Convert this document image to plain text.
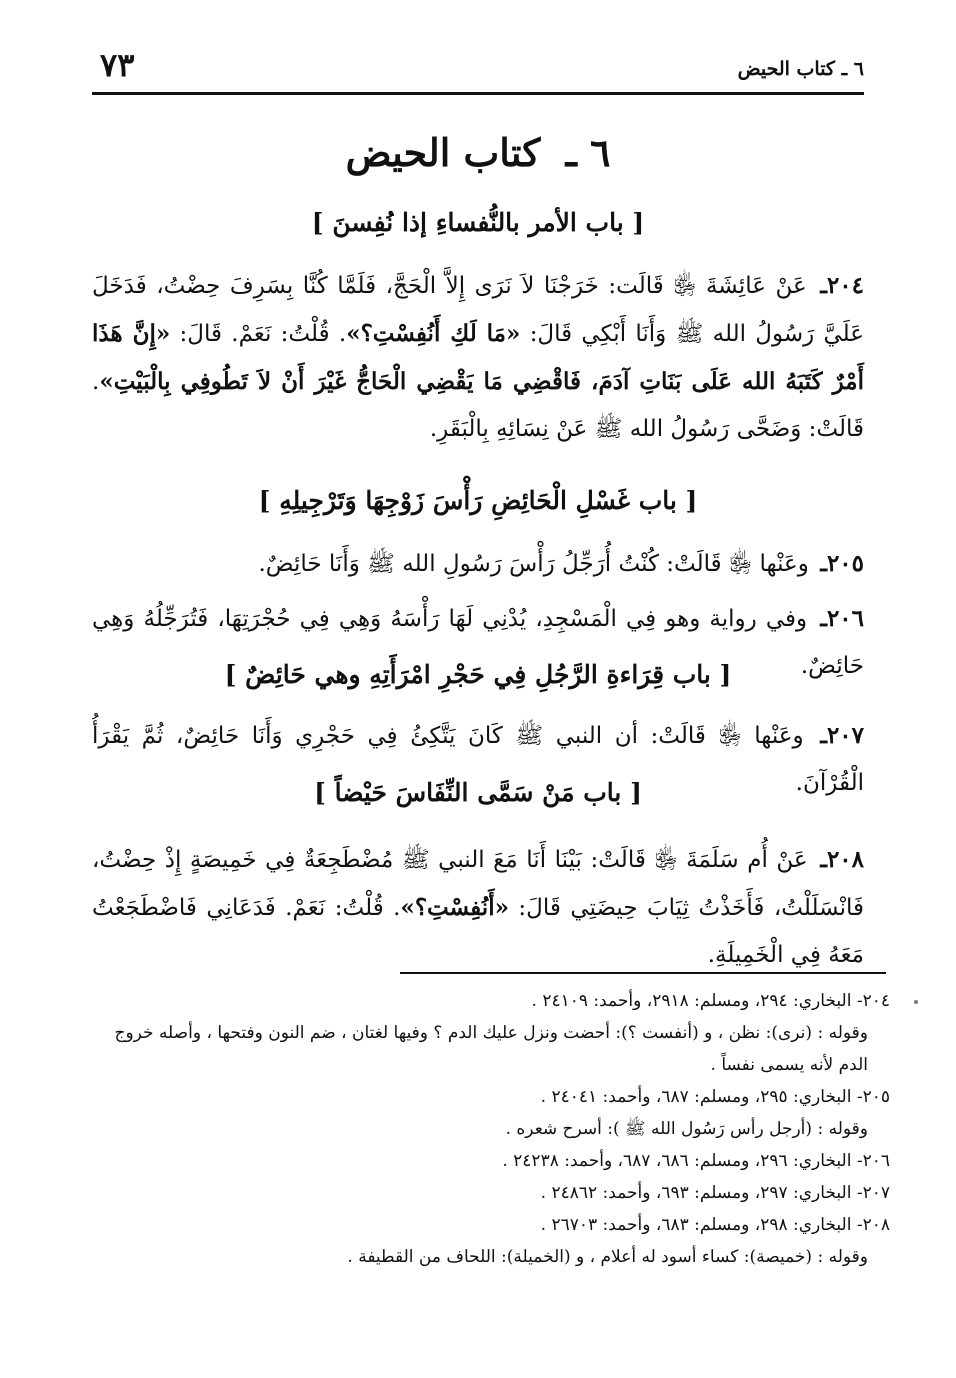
٦ ـ كتاب الحيض
٧٣
٦ ـ كتاب الحيض
[ باب الأمر بالنُّفساءِ إذا نُفِسنَ ]
٢٠٤ـ عَنْ عَائِشَةَ ﵂ قَالَت: خَرَجْنَا لاَ نَرَى إِلاَّ الْحَجَّ، فَلَمَّا كُنَّا بِسَرِفَ حِضْتُ، فَدَخَلَ عَلَيَّ رَسُولُ الله ﷺ وَأَنَا أَبْكِي قَالَ: «مَا لَكِ أَنُفِسْتِ؟». قُلْتُ: نَعَمْ. قَالَ: «إِنَّ هَذَا أَمْرٌ كَتَبَهُ الله عَلَى بَنَاتِ آدَمَ، فَاقْضِي مَا يَقْضِي الْحَاجُّ غَيْرَ أَنْ لاَ تَطُوفِي بِالْبَيْتِ». قَالَتْ: وَضَحَّى رَسُولُ الله ﷺ عَنْ نِسَائِهِ بِالْبَقَرِ.
[ باب غَسْلِ الْحَائِضِ رَأْسَ زَوْجِهَا وَتَرْجِيلِهِ ]
٢٠٥ـ وعَنْها ﵂ قَالَتْ: كُنْتُ أُرَجِّلُ رَأْسَ رَسُولِ الله ﷺ وَأَنَا حَائِضٌ.
٢٠٦ـ وفي رواية وهو فِي الْمَسْجِدِ، يُدْنِي لَهَا رَأْسَهُ وَهِي فِي حُجْرَتِهَا، فَتُرَجِّلُهُ وَهِي حَائِضٌ.
[ باب قِرَاءةِ الرَّجُلِ فِي حَجْرِ امْرَأَتِهِ وهي حَائِضٌ ]
٢٠٧ـ وعَنْها ﵂ قَالَتْ: أن النبي ﷺ كَانَ يَتَّكِئُ فِي حَجْرِي وَأَنَا حَائِضٌ، ثُمَّ يَقْرَأُ الْقُرْآنَ.
[ باب مَنْ سَمَّى النِّفَاسَ حَيْضاً ]
٢٠٨ـ عَنْ أُم سَلَمَةَ ﵂ قَالَتْ: بَيْنَا أَنَا مَعَ النبي ﷺ مُضْطَجِعَةٌ فِي خَمِيصَةٍ إِذْ حِضْتُ، فَانْسَلَلْتُ، فَأَخَذْتُ ثِيَابَ حِيضَتِي قَالَ: «أَنُفِسْتِ؟». قُلْتُ: نَعَمْ. فَدَعَانِي فَاضْطَجَعْتُ مَعَهُ فِي الْخَمِيلَةِ.

٢٠٤- البخاري: ٢٩٤، ومسلم: ٢٩١٨، وأحمد: ٢٤١٠٩ .

وقوله : (نرى): نظن ، و (أنفست ؟): أحضت ونزل عليك الدم ؟ وفيها لغتان ، ضم النون وفتحها ، وأصله خروج الدم لأنه يسمى نفساً .

٢٠٥- البخاري: ٢٩٥، ومسلم: ٦٨٧، وأحمد: ٢٤٠٤١ .

وقوله : (أرجل رأس رَسُول الله ﷺ ): أسرح شعره .

٢٠٦- البخاري: ٢٩٦، ومسلم: ٦٨٦، ٦٨٧، وأحمد: ٢٤٢٣٨ .

٢٠٧- البخاري: ٢٩٧، ومسلم: ٦٩٣، وأحمد: ٢٤٨٦٢ .

٢٠٨- البخاري: ٢٩٨، ومسلم: ٦٨٣، وأحمد: ٢٦٧٠٣ .

وقوله : (خميصة): كساء أسود له أعلام ، و (الخميلة): اللحاف من القطيفة .
